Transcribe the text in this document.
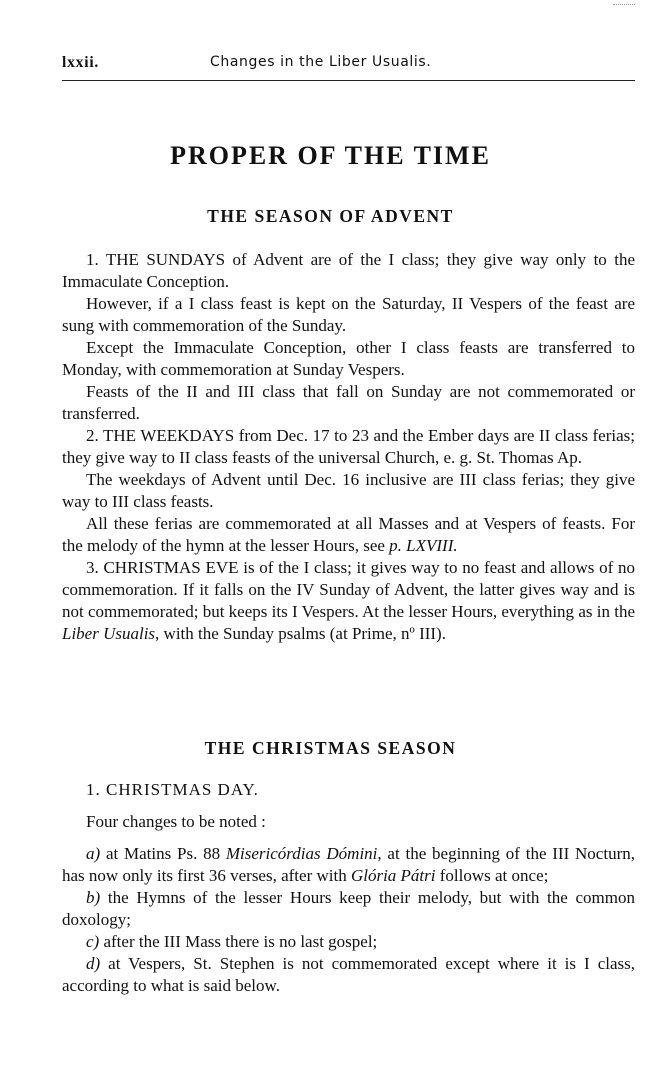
lxxii.	Changes in the Liber Usualis.
PROPER OF THE TIME
THE SEASON OF ADVENT

1. THE SUNDAYS of Advent are of the I class; they give way only to the Immaculate Conception.

However, if a I class feast is kept on the Saturday, II Vespers of the feast are sung with commemoration of the Sunday.

Except the Immaculate Conception, other I class feasts are transferred to Monday, with commemoration at Sunday Vespers.

Feasts of the II and III class that fall on Sunday are not commemorated or transferred.

2. THE WEEKDAYS from Dec. 17 to 23 and the Ember days are II class ferias; they give way to II class feasts of the universal Church, e. g. St. Thomas Ap.

The weekdays of Advent until Dec. 16 inclusive are III class ferias; they give way to III class feasts.

All these ferias are commemorated at all Masses and at Vespers of feasts. For the melody of the hymn at the lesser Hours, see p. LXVIII.

3. CHRISTMAS EVE is of the I class; it gives way to no feast and allows of no commemoration. If it falls on the IV Sunday of Advent, the latter gives way and is not commemorated; but keeps its I Vespers. At the lesser Hours, everything as in the Liber Usualis, with the Sunday psalms (at Prime, nº III).

THE CHRISTMAS SEASON

1. CHRISTMAS DAY.

Four changes to be noted :

a) at Matins Ps. 88 Misericórdias Dómini, at the beginning of the III Nocturn, has now only its first 36 verses, after with Glória Pátri follows at once;

b) the Hymns of the lesser Hours keep their melody, but with the common doxology;

c) after the III Mass there is no last gospel;

d) at Vespers, St. Stephen is not commemorated except where it is I class, according to what is said below.
